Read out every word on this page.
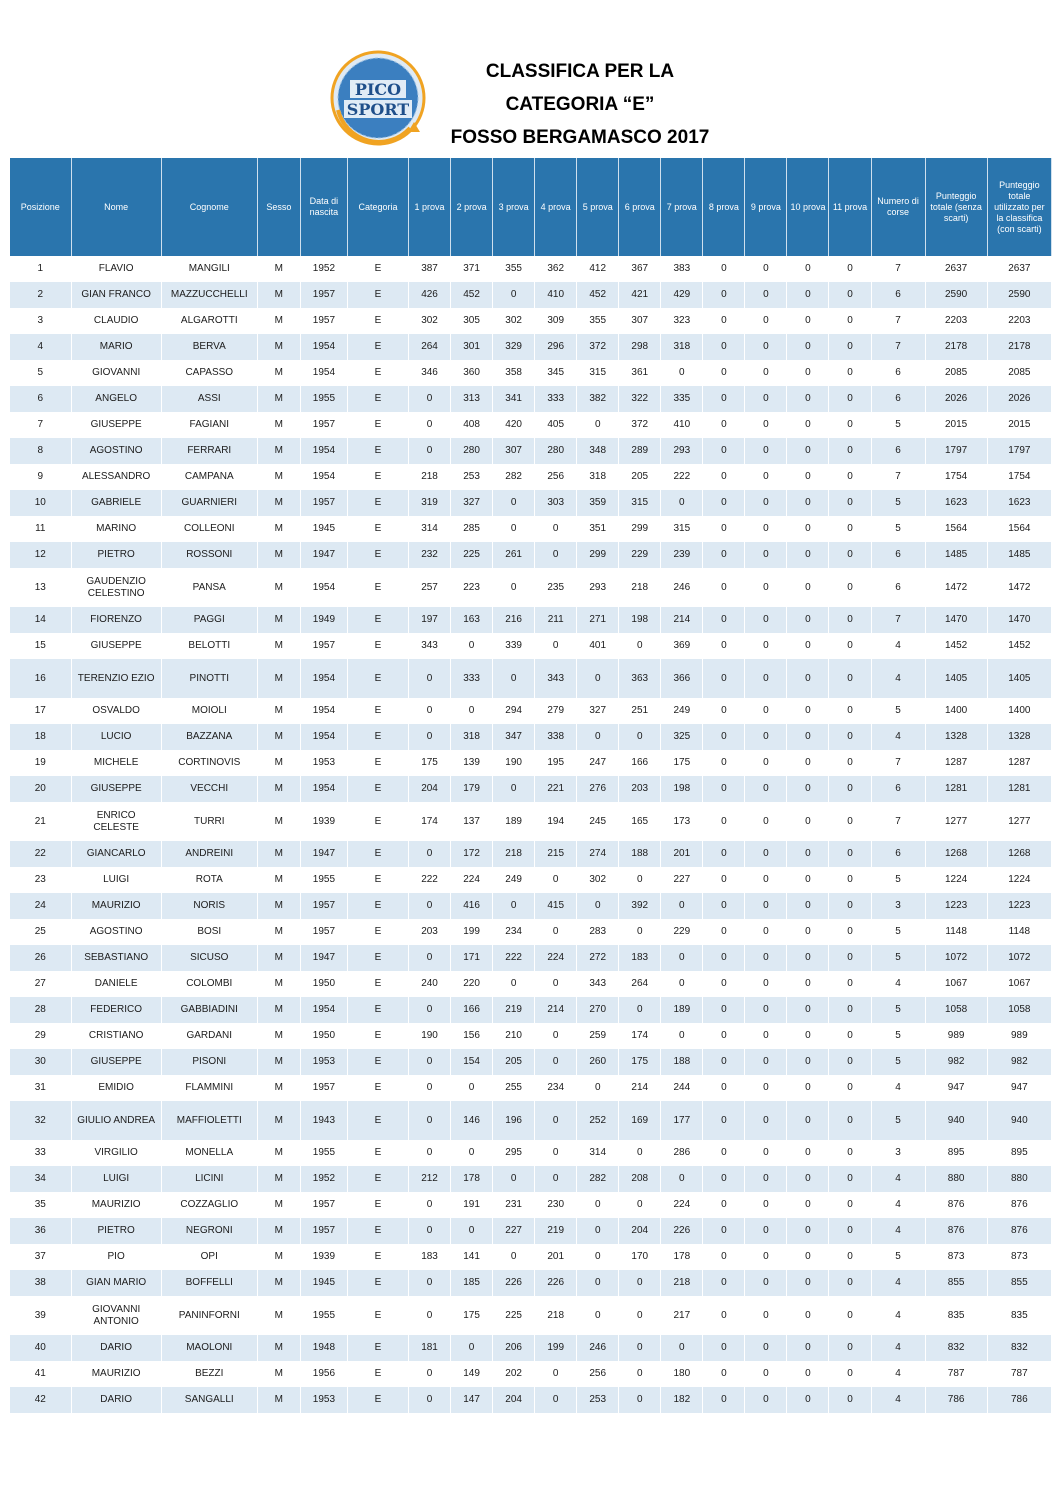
PICO
SPORT
CLASSIFICA PER LA
CATEGORIA “E”
FOSSO BERGAMASCO 2017
Posizione	Nome	Cognome	Sesso	Data di nascita	Categoria	1 prova	2 prova	3 prova	4 prova	5 prova	6 prova	7 prova	8 prova	9 prova	10 prova	11 prova	Numero di corse	Punteggio totale (senza scarti)	Punteggio totale utilizzato per la classifica (con scarti)
1	FLAVIO	MANGILI	M	1952	E	387	371	355	362	412	367	383	0	0	0	0	7	2637	2637
2	GIAN FRANCO	MAZZUCCHELLI	M	1957	E	426	452	0	410	452	421	429	0	0	0	0	6	2590	2590
3	CLAUDIO	ALGAROTTI	M	1957	E	302	305	302	309	355	307	323	0	0	0	0	7	2203	2203
4	MARIO	BERVA	M	1954	E	264	301	329	296	372	298	318	0	0	0	0	7	2178	2178
5	GIOVANNI	CAPASSO	M	1954	E	346	360	358	345	315	361	0	0	0	0	0	6	2085	2085
6	ANGELO	ASSI	M	1955	E	0	313	341	333	382	322	335	0	0	0	0	6	2026	2026
7	GIUSEPPE	FAGIANI	M	1957	E	0	408	420	405	0	372	410	0	0	0	0	5	2015	2015
8	AGOSTINO	FERRARI	M	1954	E	0	280	307	280	348	289	293	0	0	0	0	6	1797	1797
9	ALESSANDRO	CAMPANA	M	1954	E	218	253	282	256	318	205	222	0	0	0	0	7	1754	1754
10	GABRIELE	GUARNIERI	M	1957	E	319	327	0	303	359	315	0	0	0	0	0	5	1623	1623
11	MARINO	COLLEONI	M	1945	E	314	285	0	0	351	299	315	0	0	0	0	5	1564	1564
12	PIETRO	ROSSONI	M	1947	E	232	225	261	0	299	229	239	0	0	0	0	6	1485	1485
13	GAUDENZIO CELESTINO	PANSA	M	1954	E	257	223	0	235	293	218	246	0	0	0	0	6	1472	1472
14	FIORENZO	PAGGI	M	1949	E	197	163	216	211	271	198	214	0	0	0	0	7	1470	1470
15	GIUSEPPE	BELOTTI	M	1957	E	343	0	339	0	401	0	369	0	0	0	0	4	1452	1452
16	TERENZIO EZIO	PINOTTI	M	1954	E	0	333	0	343	0	363	366	0	0	0	0	4	1405	1405
17	OSVALDO	MOIOLI	M	1954	E	0	0	294	279	327	251	249	0	0	0	0	5	1400	1400
18	LUCIO	BAZZANA	M	1954	E	0	318	347	338	0	0	325	0	0	0	0	4	1328	1328
19	MICHELE	CORTINOVIS	M	1953	E	175	139	190	195	247	166	175	0	0	0	0	7	1287	1287
20	GIUSEPPE	VECCHI	M	1954	E	204	179	0	221	276	203	198	0	0	0	0	6	1281	1281
21	ENRICO CELESTE	TURRI	M	1939	E	174	137	189	194	245	165	173	0	0	0	0	7	1277	1277
22	GIANCARLO	ANDREINI	M	1947	E	0	172	218	215	274	188	201	0	0	0	0	6	1268	1268
23	LUIGI	ROTA	M	1955	E	222	224	249	0	302	0	227	0	0	0	0	5	1224	1224
24	MAURIZIO	NORIS	M	1957	E	0	416	0	415	0	392	0	0	0	0	0	3	1223	1223
25	AGOSTINO	BOSI	M	1957	E	203	199	234	0	283	0	229	0	0	0	0	5	1148	1148
26	SEBASTIANO	SICUSO	M	1947	E	0	171	222	224	272	183	0	0	0	0	0	5	1072	1072
27	DANIELE	COLOMBI	M	1950	E	240	220	0	0	343	264	0	0	0	0	0	4	1067	1067
28	FEDERICO	GABBIADINI	M	1954	E	0	166	219	214	270	0	189	0	0	0	0	5	1058	1058
29	CRISTIANO	GARDANI	M	1950	E	190	156	210	0	259	174	0	0	0	0	0	5	989	989
30	GIUSEPPE	PISONI	M	1953	E	0	154	205	0	260	175	188	0	0	0	0	5	982	982
31	EMIDIO	FLAMMINI	M	1957	E	0	0	255	234	0	214	244	0	0	0	0	4	947	947
32	GIULIO ANDREA	MAFFIOLETTI	M	1943	E	0	146	196	0	252	169	177	0	0	0	0	5	940	940
33	VIRGILIO	MONELLA	M	1955	E	0	0	295	0	314	0	286	0	0	0	0	3	895	895
34	LUIGI	LICINI	M	1952	E	212	178	0	0	282	208	0	0	0	0	0	4	880	880
35	MAURIZIO	COZZAGLIO	M	1957	E	0	191	231	230	0	0	224	0	0	0	0	4	876	876
36	PIETRO	NEGRONI	M	1957	E	0	0	227	219	0	204	226	0	0	0	0	4	876	876
37	PIO	OPI	M	1939	E	183	141	0	201	0	170	178	0	0	0	0	5	873	873
38	GIAN MARIO	BOFFELLI	M	1945	E	0	185	226	226	0	0	218	0	0	0	0	4	855	855
39	GIOVANNI ANTONIO	PANINFORNI	M	1955	E	0	175	225	218	0	0	217	0	0	0	0	4	835	835
40	DARIO	MAOLONI	M	1948	E	181	0	206	199	246	0	0	0	0	0	0	4	832	832
41	MAURIZIO	BEZZI	M	1956	E	0	149	202	0	256	0	180	0	0	0	0	4	787	787
42	DARIO	SANGALLI	M	1953	E	0	147	204	0	253	0	182	0	0	0	0	4	786	786
